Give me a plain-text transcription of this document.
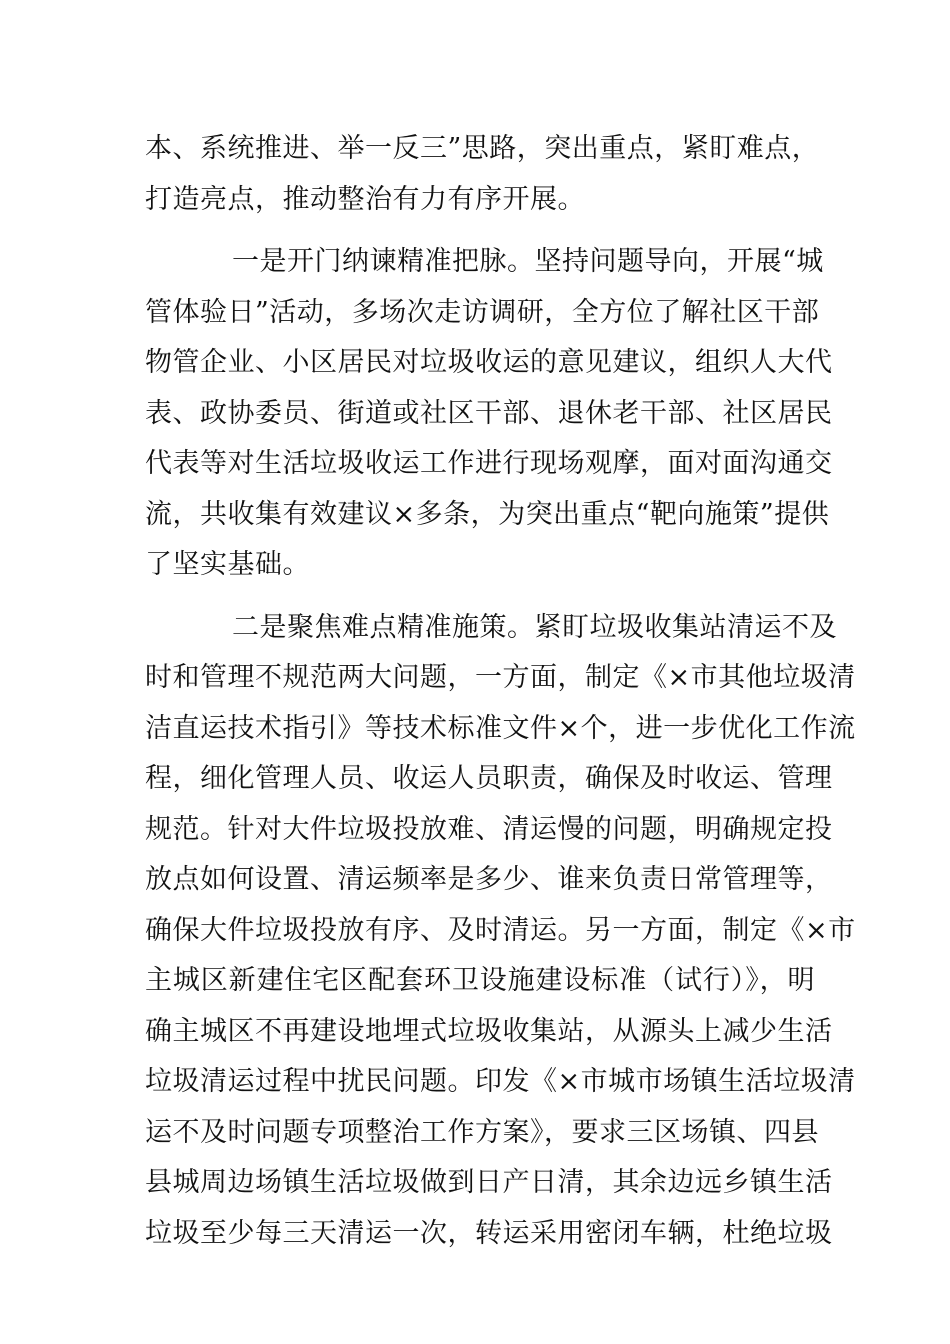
本、系统推进、举一反三”思路，突出重点，紧盯难点，
打造亮点，推动整治有力有序开展。
一是开门纳谏精准把脉。坚持问题导向，开展“城
管体验日”活动，多场次走访调研，全方位了解社区干部
物管企业、小区居民对垃圾收运的意见建议，组织人大代
表、政协委员、街道或社区干部、退休老干部、社区居民
代表等对生活垃圾收运工作进行现场观摩，面对面沟通交
流，共收集有效建议×多条，为突出重点“靶向施策”提供
了坚实基础。
二是聚焦难点精准施策。紧盯垃圾收集站清运不及
时和管理不规范两大问题，一方面，制定《×市其他垃圾清
洁直运技术指引》等技术标准文件×个，进一步优化工作流
程，细化管理人员、收运人员职责，确保及时收运、管理
规范。针对大件垃圾投放难、清运慢的问题，明确规定投
放点如何设置、清运频率是多少、谁来负责日常管理等，
确保大件垃圾投放有序、及时清运。另一方面，制定《×市
主城区新建住宅区配套环卫设施建设标准（试行）》，明
确主城区不再建设地埋式垃圾收集站，从源头上减少生活
垃圾清运过程中扰民问题。印发《×市城市场镇生活垃圾清
运不及时问题专项整治工作方案》，要求三区场镇、四县
县城周边场镇生活垃圾做到日产日清，其余边远乡镇生活
垃圾至少每三天清运一次，转运采用密闭车辆，杜绝垃圾
